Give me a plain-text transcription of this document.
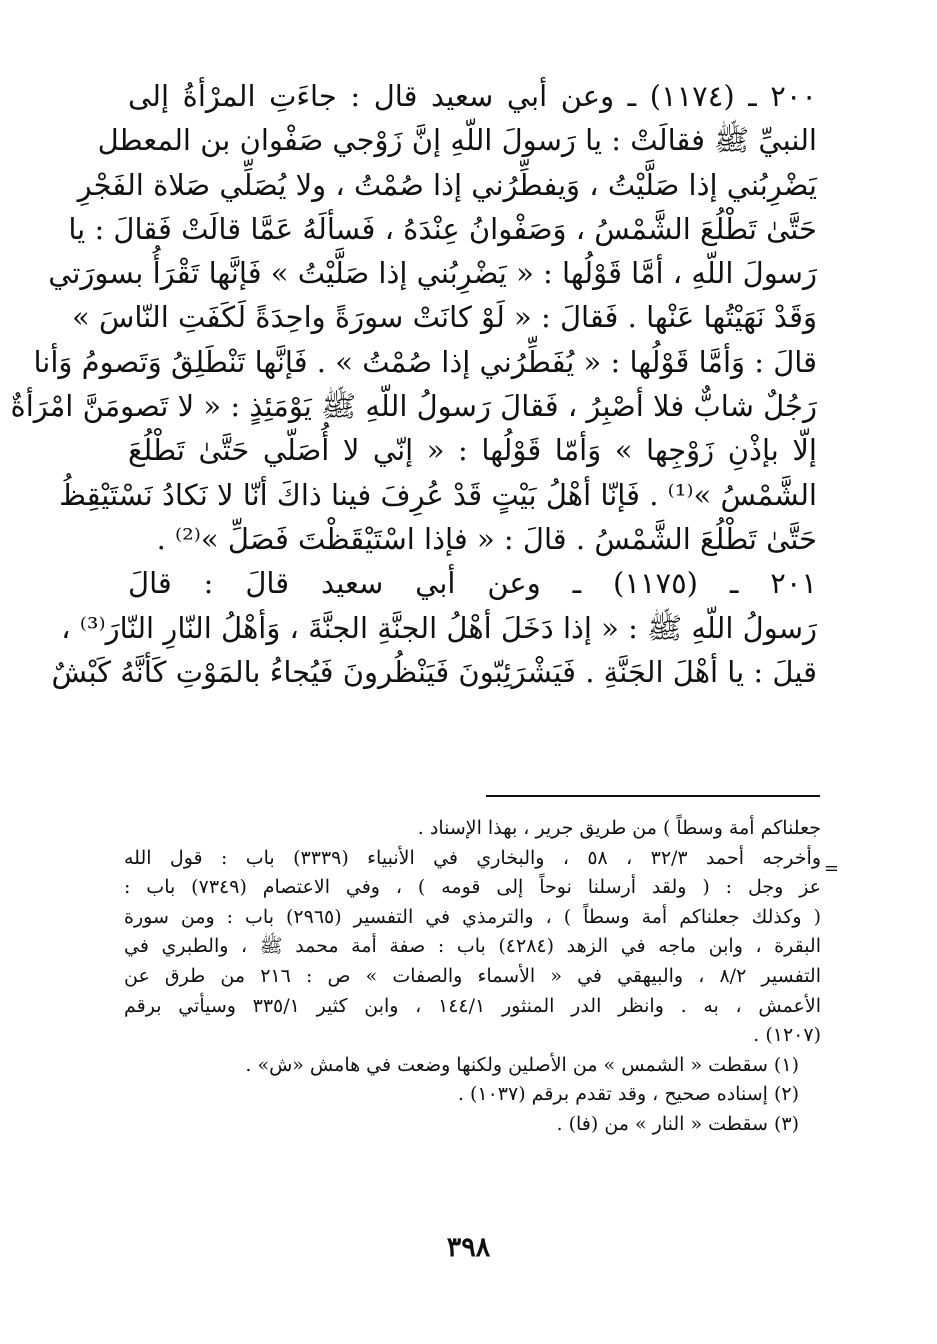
٢٠٠ ـ (١١٧٤) ـ وعن أبي سعيد قال : جاءَتِ المرْأةُ إلى
النبيِّ ﷺ فقالَتْ : يا رَسولَ اللّهِ إنَّ زَوْجي صَفْوان بن المعطل
يَضْرِبُني إذا صَلَّيْتُ ، وَيفطِّرُني إذا صُمْتُ ، ولا يُصَلِّي صَلاة الفَجْرِ
حَتَّىٰ تَطْلُعَ الشَّمْسُ ، وَصَفْوانُ عِنْدَهُ ، فَسألَهُ عَمَّا قالَتْ فَقالَ : يا
رَسولَ اللّهِ ، أمَّا قَوْلُها : « يَضْرِبُني إذا صَلَّيْتُ » فَإنَّها تَقْرَأُ بسورَتي
وَقَدْ نَهَيْتُها عَنْها . فَقالَ : « لَوْ كانَتْ سورَةً واحِدَةً لَكَفَتِ النّاسَ »
قالَ : وَأمَّا قَوْلُها : « يُفَطِّرُني إذا صُمْتُ » . فَإنَّها تَنْطَلِقُ وَتَصومُ وَأنا
رَجُلٌ شابٌّ فلا أصْبِرُ ، فَقالَ رَسولُ اللّهِ ﷺ يَوْمَئِذٍ : « لا تَصومَنَّ امْرَأةٌ
إلّا بإذْنِ زَوْجِها » وَأمّا قَوْلُها : « إنّي لا أُصَلّي حَتَّىٰ تَطْلُعَ
الشَّمْسُ »⁽¹⁾ . فَإنّا أهْلُ بَيْتٍ قَدْ عُرِفَ فينا ذاكَ أنّا لا نَكادُ نَسْتَيْقِظُ
حَتَّىٰ تَطْلُعَ الشَّمْسُ . قالَ : « فإذا اسْتَيْقَظْتَ فَصَلِّ »⁽²⁾ .
٢٠١ ـ (١١٧٥) ـ وعن أبي سعيد قالَ : قالَ
رَسولُ اللّهِ ﷺ : « إذا دَخَلَ أهْلُ الجنَّةِ الجنَّةَ ، وَأهْلُ النّارِ النّارَ⁽³⁾ ،
قيلَ : يا أهْلَ الجَنَّةِ . فَيَشْرَئِبّونَ فَيَنْظُرونَ فَيُجاءُ بالمَوْتِ كَأنَّهُ كَبْشٌ
=
جعلناكم أمة وسطاً ) من طريق جرير ، بهذا الإسناد .
وأخرجه أحمد ٣٢/٣ ، ٥٨ ، والبخاري في الأنبياء (٣٣٣٩) باب : قول الله
عز وجل : ( ولقد أرسلنا نوحاً إلى قومه ) ، وفي الاعتصام (٧٣٤٩) باب :
( وكذلك جعلناكم أمة وسطاً ) ، والترمذي في التفسير (٢٩٦٥) باب : ومن سورة
البقرة ، وابن ماجه في الزهد (٤٢٨٤) باب : صفة أمة محمد ﷺ ، والطبري في
التفسير ٨/٢ ، والبيهقي في « الأسماء والصفات » ص : ٢١٦ من طرق عن
الأعمش ، به . وانظر الدر المنثور ١٤٤/١ ، وابن كثير ٣٣٥/١ وسيأتي برقم
(١٢٠٧) .
(١) سقطت « الشمس » من الأصلين ولكنها وضعت في هامش «ش» .
(٢) إسناده صحيح ، وقد تقدم برقم (١٠٣٧) .
(٣) سقطت « النار » من (فا) .
٣٩٨
